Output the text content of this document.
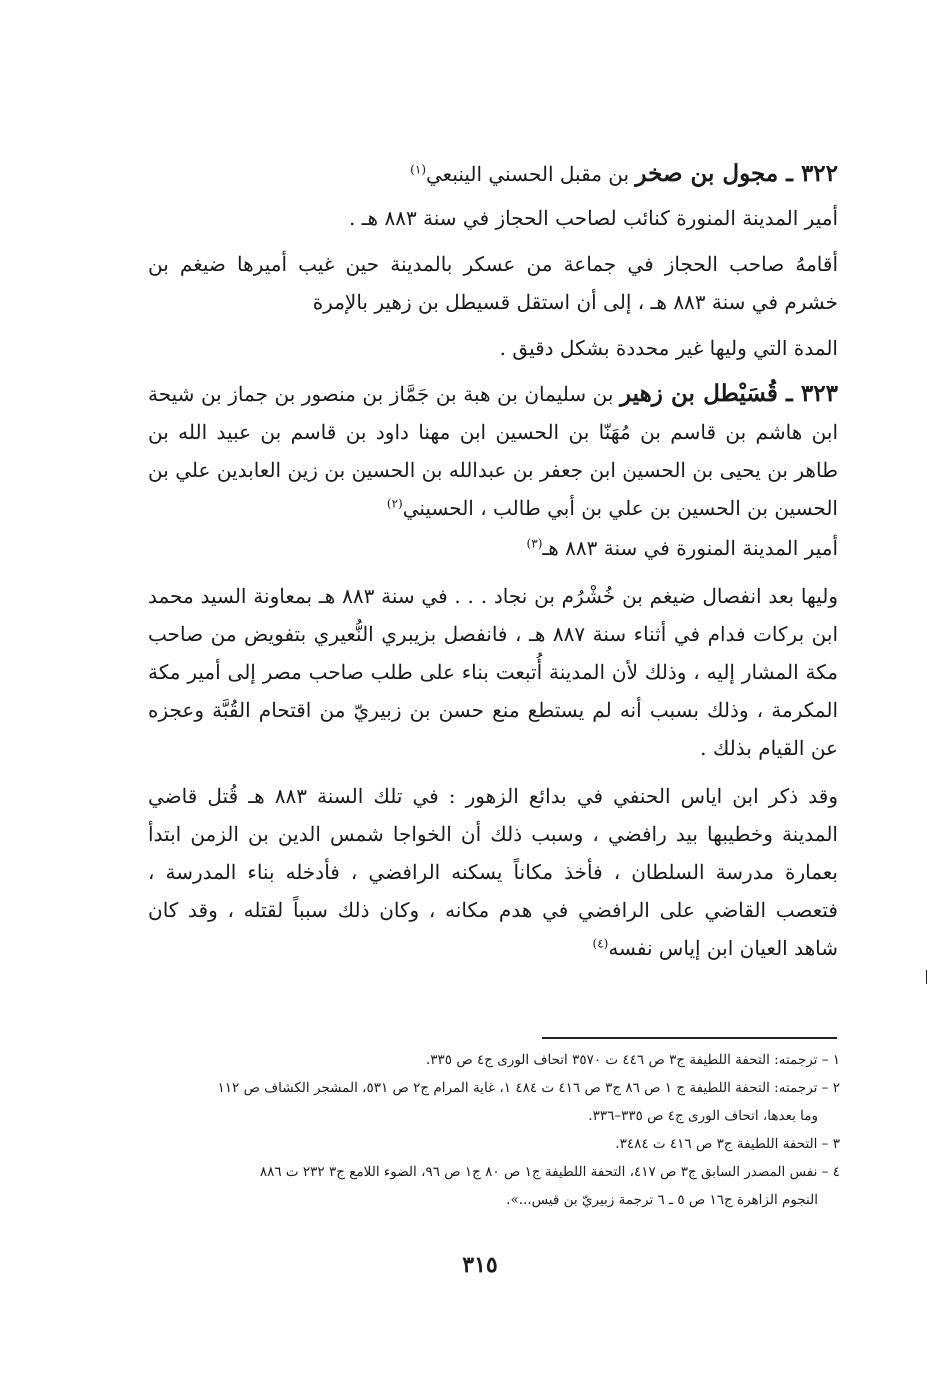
٣٢٢ ـ مجول بن صخر بن مقبل الحسني الينبعي$^{(١)}$

أمير المدينة المنورة كنائب لصاحب الحجاز في سنة ٨٨٣ هـ .

أقامهُ صاحب الحجاز في جماعة من عسكر بالمدينة حين غيب أميرها ضيغم بن خشرم في سنة ٨٨٣ هـ ، إلى أن استقل قسيطل بن زهير بالإمرة

المدة التي وليها غير محددة بشكل دقيق .

٣٢٣ ـ قُسَيْطل بن زهير بن سليمان بن هبة بن جَمَّاز بن منصور بن جماز بن شيحة ابن هاشم بن قاسم بن مُهَنّا بن الحسين ابن مهنا داود بن قاسم بن عبيد الله بن طاهر بن يحيى بن الحسين ابن جعفر بن عبدالله بن الحسين بن زين العابدين علي بن الحسين بن الحسين بن علي بن أبي طالب ، الحسيني$^{(٢)}$

أمير المدينة المنورة في سنة ٨٨٣ هـ$^{(٣)}$

وليها بعد انفصال ضيغم بن خُشْرُم بن نجاد . . . في سنة ٨٨٣ هـ بمعاونة السيد محمد ابن بركات فدام في أثناء سنة ٨٨٧ هـ ، فانفصل بزيبري النُّعيري بتفويض من صاحب مكة المشار إليه ، وذلك لأن المدينة أُتبعت بناء على طلب صاحب مصر إلى أمير مكة المكرمة ، وذلك بسبب أنه لم يستطع منع حسن بن زبيريّ من اقتحام القُبَّة وعجزه عن القيام بذلك .

وقد ذكر ابن اياس الحنفي في بدائع الزهور : في تلك السنة ٨٨٣ هـ قُتل قاضي المدينة وخطيبها بيد رافضي ، وسبب ذلك أن الخواجا شمس الدين بن الزمن ابتدأ بعمارة مدرسة السلطان ، فأخذ مكاناً يسكنه الرافضي ، فأدخله بناء المدرسة ، فتعصب القاضي على الرافضي في هدم مكانه ، وكان ذلك سبباً لقتله ، وقد كان شاهد العيان ابن إياس نفسه$^{(٤)}$

١ – ترجمته: التحفة اللطيفة ج٣ ص ٤٤٦ ت ٣٥٧٠ اتحاف الورى ج٤ ص ٣٣٥.

٢ – ترجمته: التحفة اللطيفة ج ١ ص ٨٦ ج٣ ص ٤١٦ ت ٤٨٤ ١، غاية المرام ج٢ ص ٥٣١، المشجر الكشاف ص ١١٢

وما بعدها، اتحاف الورى ج٤ ص ٣٣٥–٣٣٦.

٣ – التحفة اللطيفة ج٣ ص ٤١٦ ت ٣٤٨٤.

٤ – نفس المصدر السابق ج٣ ص ٤١٧، التحفة اللطيفة ج١ ص ٨٠ ج١ ص ٩٦، الضوء اللامع ج٣ ٢٣٢ ت ٨٨٦

النجوم الزاهرة ج١٦ ص ٥ ـ ٦ ترجمة زبيريّ بن قيس...».

٣١٥
